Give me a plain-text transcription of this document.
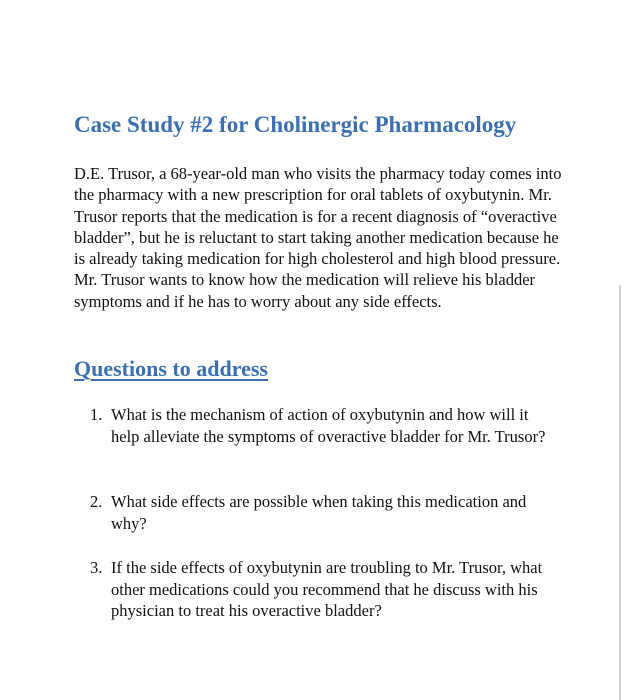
Case Study #2 for Cholinergic Pharmacology

D.E. Trusor, a 68-year-old man who visits the pharmacy today comes into the pharmacy with a new prescription for oral tablets of oxybutynin. Mr. Trusor reports that the medication is for a recent diagnosis of “overactive bladder”, but he is reluctant to start taking another medication because he is already taking medication for high cholesterol and high blood pressure. Mr. Trusor wants to know how the medication will relieve his bladder symptoms and if he has to worry about any side effects.

Questions to address
1. What is the mechanism of action of oxybutynin and how will it help alleviate the symptoms of overactive bladder for Mr. Trusor?
2. What side effects are possible when taking this medication and why?
3. If the side effects of oxybutynin are troubling to Mr. Trusor, what other medications could you recommend that he discuss with his physician to treat his overactive bladder?
